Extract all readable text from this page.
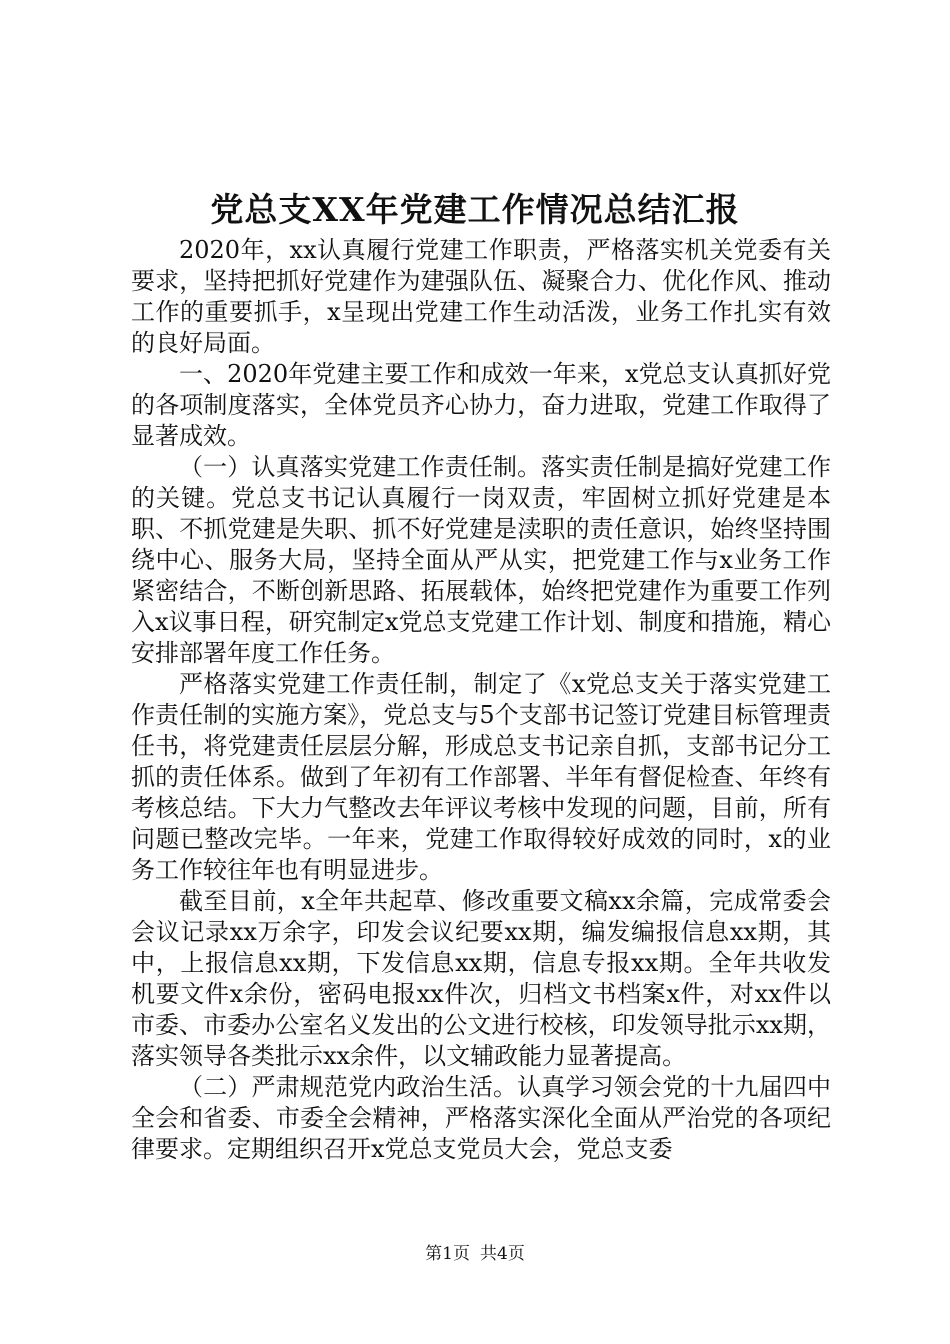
党总支XX年党建工作情况总结汇报

2020年，xx认真履行党建工作职责，严格落实机关党委有关要求，坚持把抓好党建作为建强队伍、凝聚合力、优化作风、推动工作的重要抓手，x呈现出党建工作生动活泼，业务工作扎实有效的良好局面。

一、2020年党建主要工作和成效一年来，x党总支认真抓好党的各项制度落实，全体党员齐心协力，奋力进取，党建工作取得了显著成效。

（一）认真落实党建工作责任制。落实责任制是搞好党建工作的关键。党总支书记认真履行一岗双责，牢固树立抓好党建是本职、不抓党建是失职、抓不好党建是渎职的责任意识，始终坚持围绕中心、服务大局，坚持全面从严从实，把党建工作与x业务工作紧密结合，不断创新思路、拓展载体，始终把党建作为重要工作列入x议事日程，研究制定x党总支党建工作计划、制度和措施，精心安排部署年度工作任务。

严格落实党建工作责任制，制定了《x党总支关于落实党建工作责任制的实施方案》，党总支与5个支部书记签订党建目标管理责任书，将党建责任层层分解，形成总支书记亲自抓，支部书记分工抓的责任体系。做到了年初有工作部署、半年有督促检查、年终有考核总结。下大力气整改去年评议考核中发现的问题，目前，所有问题已整改完毕。一年来，党建工作取得较好成效的同时，x的业务工作较往年也有明显进步。

截至目前，x全年共起草、修改重要文稿xx余篇，完成常委会会议记录xx万余字，印发会议纪要xx期，编发编报信息xx期，其中，上报信息xx期，下发信息xx期，信息专报xx期。全年共收发机要文件x余份，密码电报xx件次，归档文书档案x件，对xx件以市委、市委办公室名义发出的公文进行校核，印发领导批示xx期，落实领导各类批示xx余件，以文辅政能力显著提高。

（二）严肃规范党内政治生活。认真学习领会党的十九届四中全会和省委、市委全会精神，严格落实深化全面从严治党的各项纪律要求。定期组织召开x党总支党员大会，党总支委

第1页 共4页
